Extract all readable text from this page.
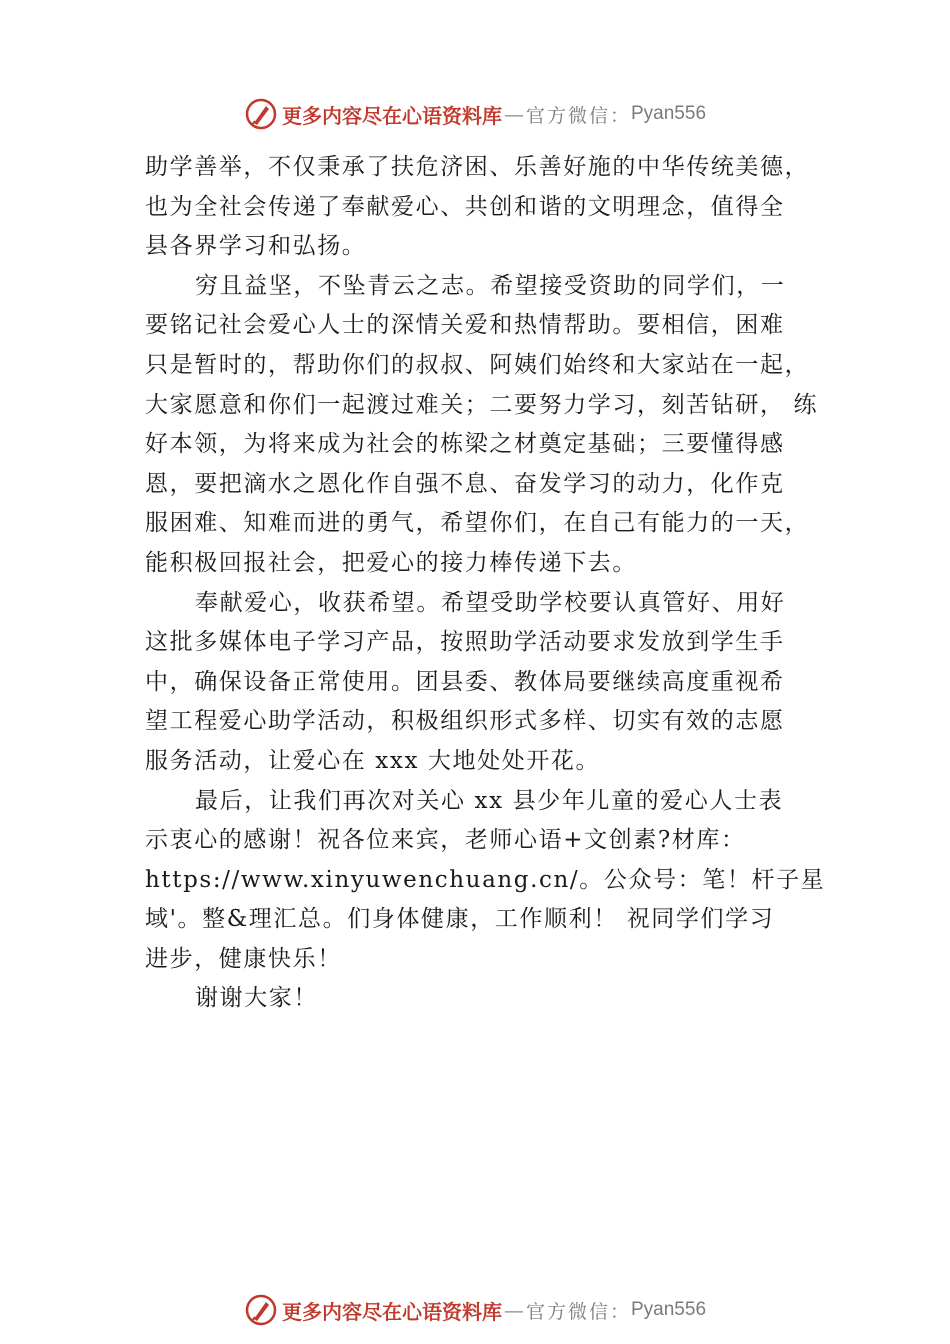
更多内容尽在心语资料库 — 官方微信： Pyan556
助学善举，不仅秉承了扶危济困、乐善好施的中华传统美德，
也为全社会传递了奉献爱心、共创和谐的文明理念，值得全
县各界学习和弘扬。
穷且益坚，不坠青云之志。希望接受资助的同学们，一
要铭记社会爱心人士的深情关爱和热情帮助。要相信，困难
只是暂时的，帮助你们的叔叔、阿姨们始终和大家站在一起，
大家愿意和你们一起渡过难关；二要努力学习，刻苦钻研， 练
好本领，为将来成为社会的栋梁之材奠定基础；三要懂得感
恩，要把滴水之恩化作自强不息、奋发学习的动力，化作克
服困难、知难而进的勇气，希望你们，在自己有能力的一天，
能积极回报社会，把爱心的接力棒传递下去。
奉献爱心，收获希望。希望受助学校要认真管好、用好
这批多媒体电子学习产品，按照助学活动要求发放到学生手
中，确保设备正常使用。团县委、教体局要继续高度重视希
望工程爱心助学活动，积极组织形式多样、切实有效的志愿
服务活动，让爱心在 xxx 大地处处开花。
最后，让我们再次对关心 xx 县少年儿童的爱心人士表
示衷心的感谢！祝各位来宾，老师心语+文创素?材库：
https://www.xinyuwenchuang.cn/。公众号：笔！杆子星
域'。整&理汇总。们身体健康，工作顺利！ 祝同学们学习
进步，健康快乐！
谢谢大家！
更多内容尽在心语资料库 — 官方微信： Pyan556
